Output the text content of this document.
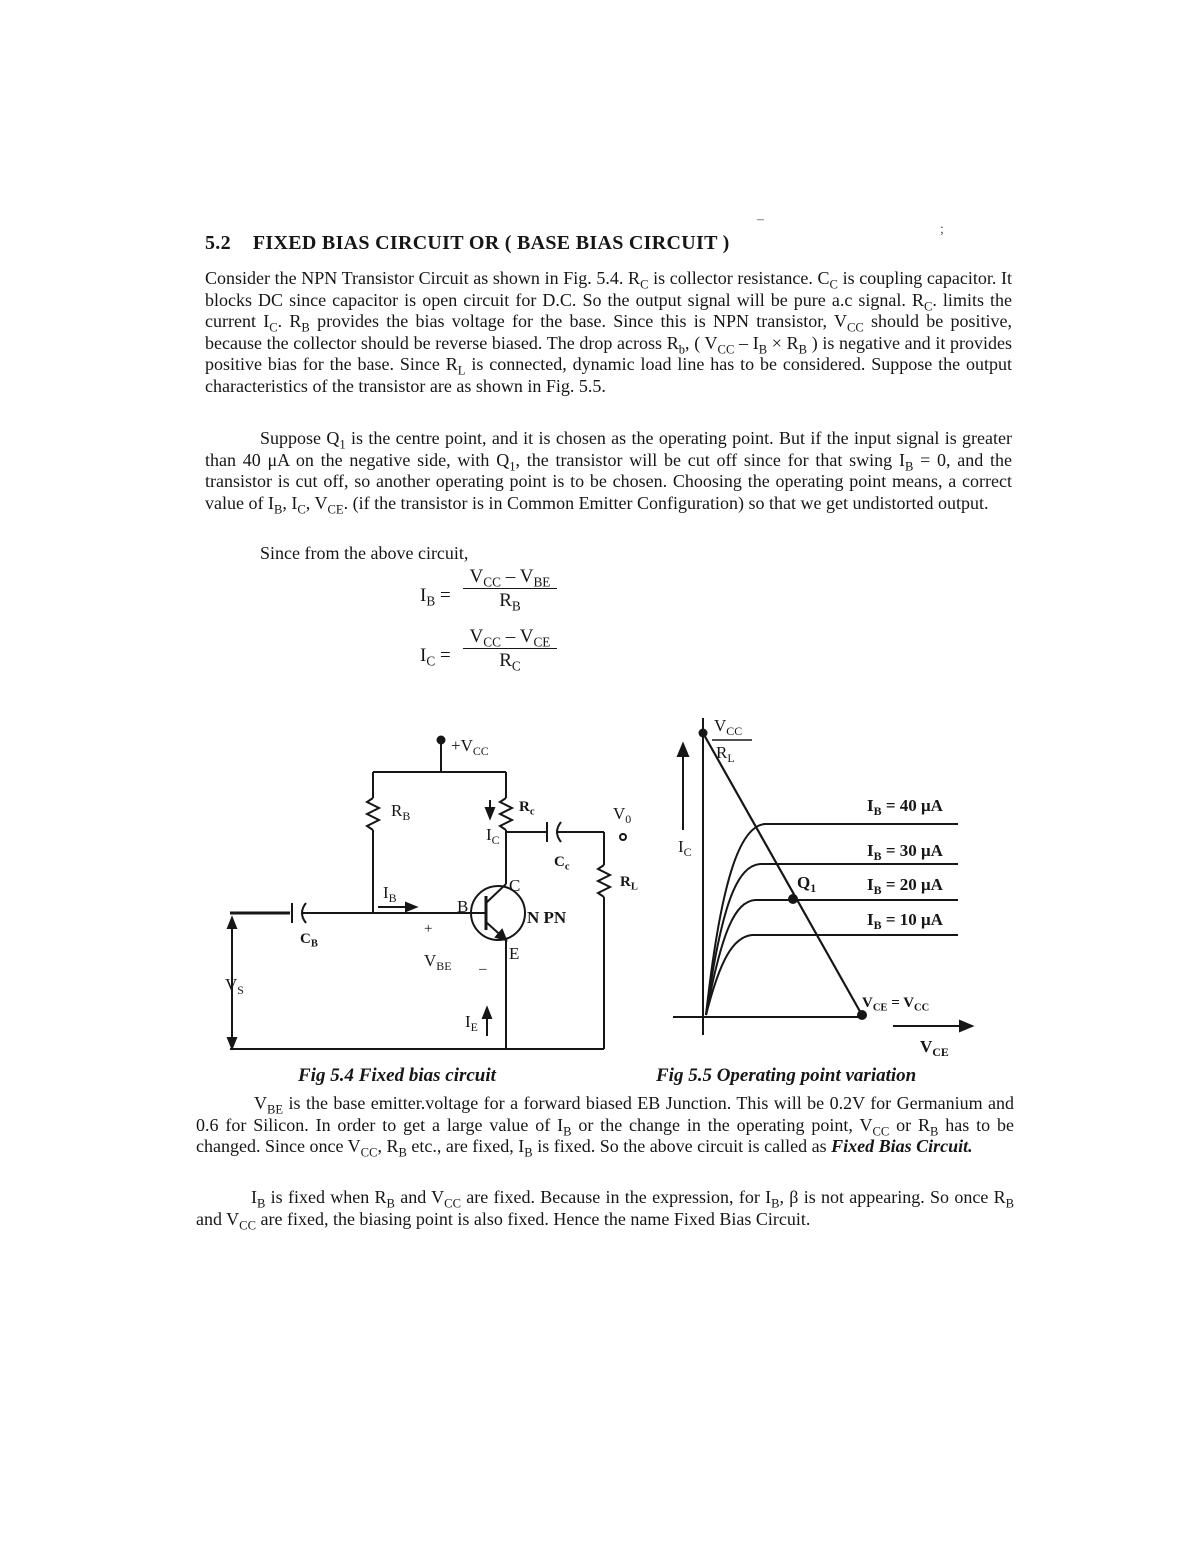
‒
;
5.2 FIXED BIAS CIRCUIT OR ( BASE BIAS CIRCUIT )

Consider the NPN Transistor Circuit as shown in Fig. 5.4. $R_C$ is collector resistance. $C_C$ is coupling capacitor. It blocks DC since capacitor is open circuit for D.C. So the output signal will be pure a.c signal. $R_C$. limits the current $I_C$. $R_B$ provides the bias voltage for the base. Since this is NPN transistor, $V_{CC}$ should be positive, because the collector should be reverse biased. The drop across $R_b$, ( $V_{CC} - I_B \times R_B$ ) is negative and it provides positive bias for the base. Since $R_L$ is connected, dynamic load line has to be considered. Suppose the output characteristics of the transistor are as shown in Fig. 5.5.

Suppose $Q_1$ is the centre point, and it is chosen as the operating point. But if the input signal is greater than 40 μA on the negative side, with $Q_1$, the transistor will be cut off since for that swing $I_B = 0$, and the transistor is cut off, so another operating point is to be chosen. Choosing the operating point means, a correct value of $I_B$, $I_C$, $V_{CE}$. (if the transistor is in Common Emitter Configuration) so that we get undistorted output.

Since from the above circuit,

$I_B$ =
$V_{CC} - V_{BE}$
$R_B$
$I_C$ =
$V_{CC} - V_{CE}$
$R_C$
$+V_{CC}$
$R_B$
$R_c$
$I_C$
$C_c$
$V_0$
$R_L$
$I_B$
$C_B$
B
C
E
N PN
+
–
$V_{BE}$
$I_E$
$V_S$
$V_{CC}$
$R_L$
$I_C$
$I_B = 40$ μA
$I_B = 30$ μA
$I_B = 20$ μA
$I_B = 10$ μA
$Q_1$
$V_{CE} = V_{CC}$
$V_{CE}$
Fig 5.4 Fixed bias circuit	Fig 5.5 Operating point variation

$V_{BE}$ is the base emitter.voltage for a forward biased EB Junction. This will be 0.2V for Germanium and 0.6 for Silicon. In order to get a large value of $I_B$ or the change in the operating point, $V_{CC}$ or $R_B$ has to be changed. Since once $V_{CC}$, $R_B$ etc., are fixed, $I_B$ is fixed. So the above circuit is called as Fixed Bias Circuit.

$I_B$ is fixed when $R_B$ and $V_{CC}$ are fixed. Because in the expression, for $I_B$, β is not appearing. So once $R_B$ and $V_{CC}$ are fixed, the biasing point is also fixed. Hence the name Fixed Bias Circuit.
